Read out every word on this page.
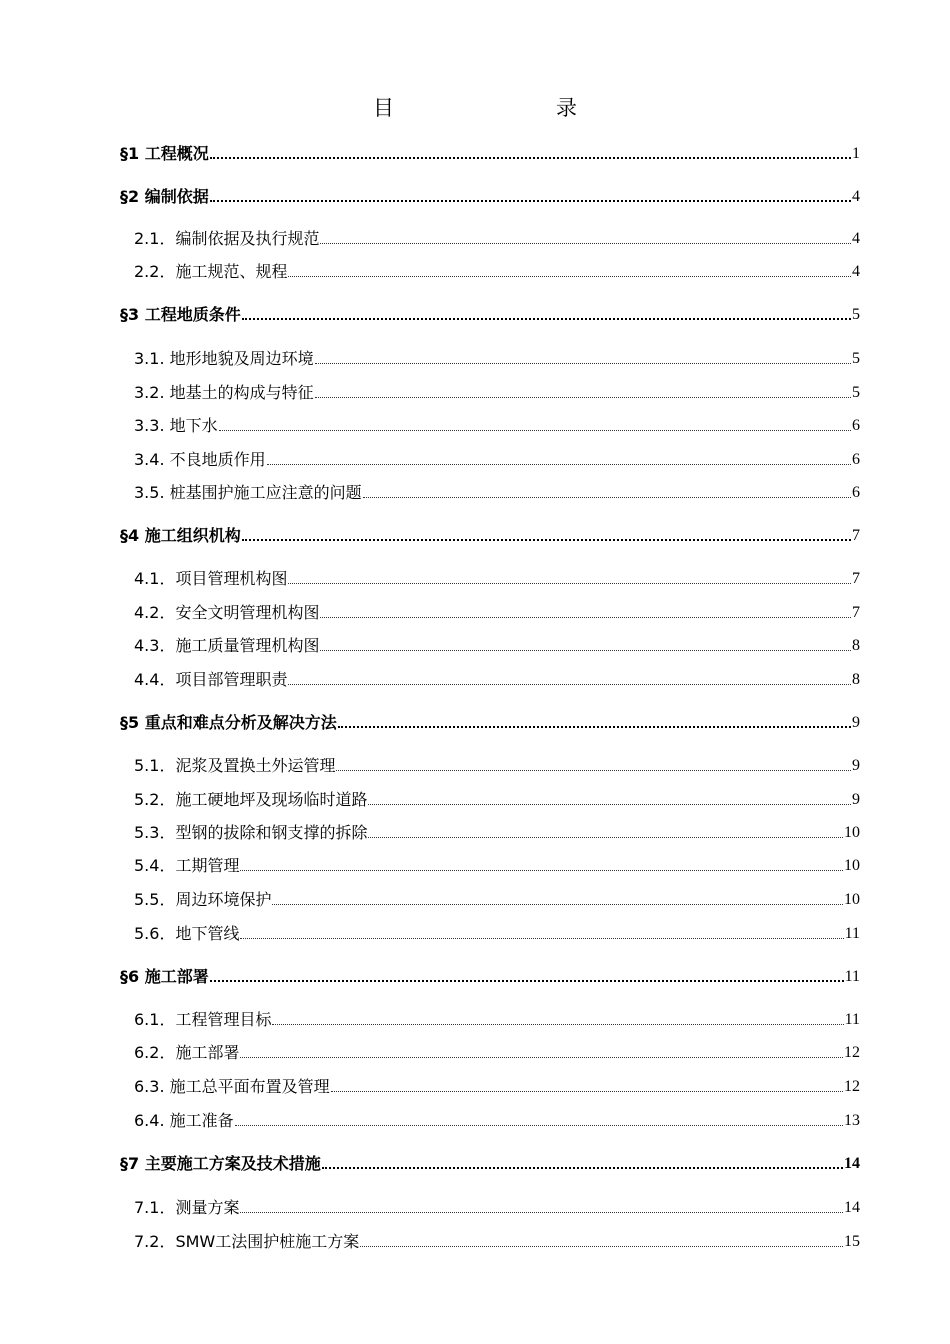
目　　录
§1 工程概况	1
§2 编制依据	4
2.1．编制依据及执行规范	4
2.2．施工规范、规程	4
§3 工程地质条件	5
3.1. 地形地貌及周边环境	5
3.2. 地基土的构成与特征	5
3.3. 地下水	6
3.4. 不良地质作用	6
3.5. 桩基围护施工应注意的问题	6
§4 施工组织机构	7
4.1．项目管理机构图	7
4.2．安全文明管理机构图	7
4.3．施工质量管理机构图	8
4.4．项目部管理职责	8
§5 重点和难点分析及解决方法	9
5.1．泥浆及置换土外运管理	9
5.2．施工硬地坪及现场临时道路	9
5.3．型钢的拔除和钢支撑的拆除	10
5.4．工期管理	10
5.5．周边环境保护	10
5.6．地下管线	11
§6 施工部署	11
6.1．工程管理目标	11
6.2．施工部署	12
6.3. 施工总平面布置及管理	12
6.4. 施工准备	13
§7 主要施工方案及技术措施	14
7.1．测量方案	14
7.2．SMW工法围护桩施工方案	15
